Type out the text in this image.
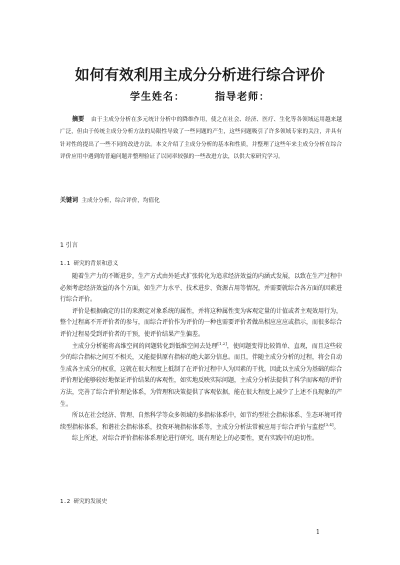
如何有效利用主成分分析进行综合评价
学生姓名：	指导老师：
摘要 由于主成分分析在多元统计分析中的降维作用，使之在社会、经济、医疗、生化等各领域运用越来越广泛，但由于传统主成分分析方法的局限性导致了一些问题的产生，这些问题吸引了许多领域专家的关注，并具有针对性的提出了一些不同的改进方法。本文介绍了主成分分析的基本和性质，并整理了这些年来主成分分析在综合评价应用中遇到的普遍问题并整理验证了以同率较强的一些改进方法，以供大家研究学习。
关键词 主成分分析，综合评价，均值化
1 引言
1.1 研究的背景和意义

随着生产力的不断进步，生产方式由外延式扩张转化为追求经济效益的内涵式发展，以致在生产过程中必须考虑经济效益的各个方面，如生产力水平、技术进步、资源占用等情况，并需要就综合各方面的因素进行综合评价。

评价是根据确定的目的来测定对象系统的属性，并将这种属性变为客观定量的计值或者主观效用行为，整个过程离不开评价者的参与，而综合评价作为评价的一种也需要评价者做出相应应应或指示，而很多综合评价过程易受到评价者的干预，使评价结果产生偏差。

主成分分析能将高维空间的问题转化到低维空间去处理[1,2]，使问题变得比较简单、直观，而且这些较少的综合指标之间互不相关，又能提供原有指标的绝大部分信息。而且，伴随主成分分析的过程，将会自动生成各主成分的权重，这就在很大程度上抵制了在评价过程中人为因素的干扰，因此以主成分为基础的综合评价理论能够较好地保证评价结果的客观性，如实地反映实际问题，主成分分析法提供了科学而客观的评价方法，完善了综合评价理论体系，为管理和决策提供了客观依据，能在很大程度上减少了上述不良现象的产生。

所以在社会经济、管理、自然科学等众多领域的多指标体系中，如节约型社会指标体系、生态环境可持续型指标体系，和谐社会指标体系，投资环境指标体系等，主成分分析法常被应用于综合评价与监控[3,4]。

综上所述，对综合评价指标体系理论进行研究，既有理论上的必要性，更有实践中的迫切性。

1.2 研究的发展史
1
